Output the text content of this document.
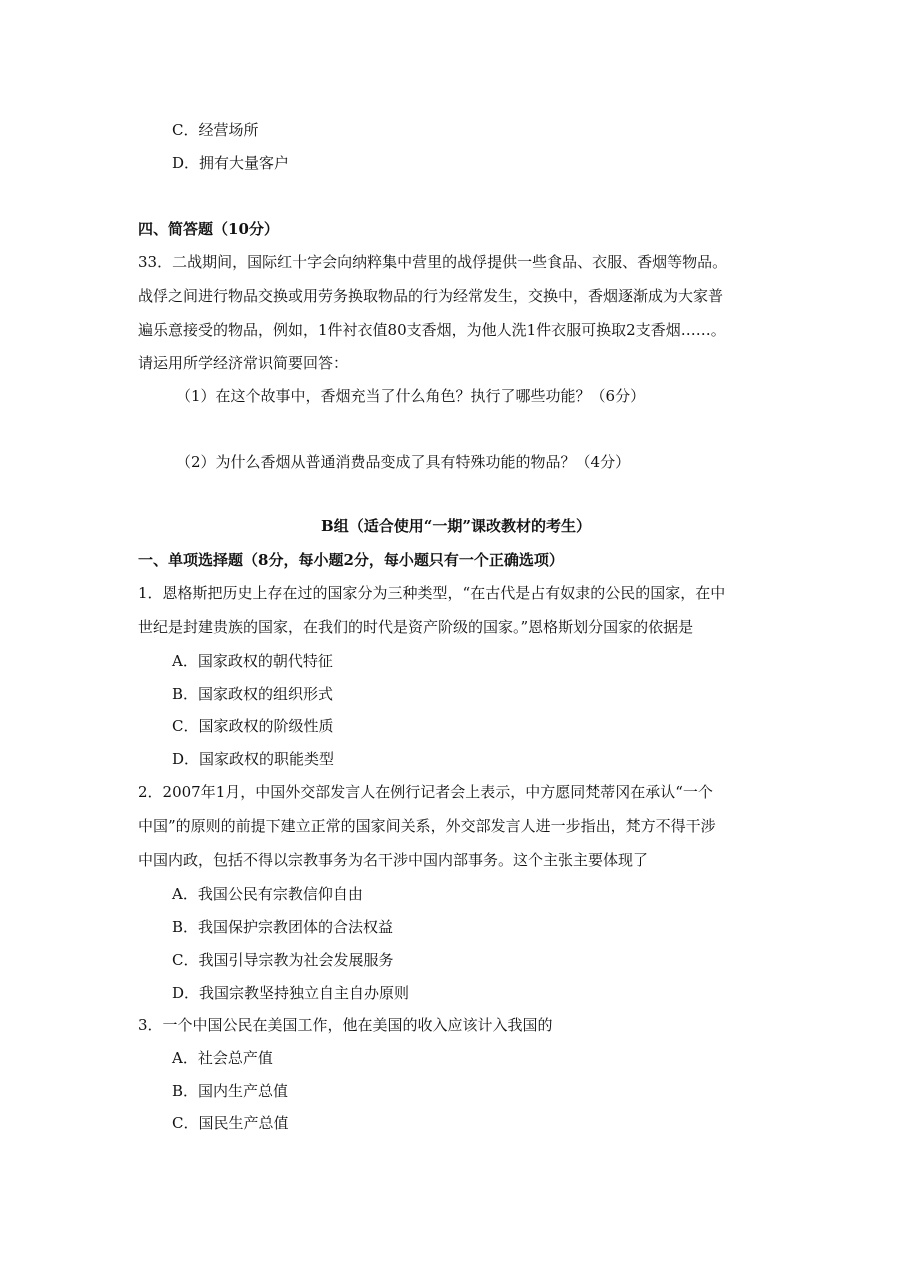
C．经营场所
D．拥有大量客户
四、简答题（10分）
33．二战期间，国际红十字会向纳粹集中营里的战俘提供一些食品、衣服、香烟等物品。
战俘之间进行物品交换或用劳务换取物品的行为经常发生，交换中，香烟逐渐成为大家普
遍乐意接受的物品，例如，1件衬衣值80支香烟，为他人洗1件衣服可换取2支香烟……。
请运用所学经济常识简要回答：
（1）在这个故事中，香烟充当了什么角色？执行了哪些功能？（6分）
（2）为什么香烟从普通消费品变成了具有特殊功能的物品？（4分）
B组（适合使用“一期”课改教材的考生）
一、单项选择题（8分，每小题2分，每小题只有一个正确选项）
1．恩格斯把历史上存在过的国家分为三种类型，“在古代是占有奴隶的公民的国家，在中
世纪是封建贵族的国家，在我们的时代是资产阶级的国家。”恩格斯划分国家的依据是
A．国家政权的朝代特征
B．国家政权的组织形式
C．国家政权的阶级性质
D．国家政权的职能类型
2．2007年1月，中国外交部发言人在例行记者会上表示，中方愿同梵蒂冈在承认“一个
中国”的原则的前提下建立正常的国家间关系，外交部发言人进一步指出，梵方不得干涉
中国内政，包括不得以宗教事务为名干涉中国内部事务。这个主张主要体现了
A．我国公民有宗教信仰自由
B．我国保护宗教团体的合法权益
C．我国引导宗教为社会发展服务
D．我国宗教坚持独立自主自办原则
3．一个中国公民在美国工作，他在美国的收入应该计入我国的
A．社会总产值
B．国内生产总值
C．国民生产总值
